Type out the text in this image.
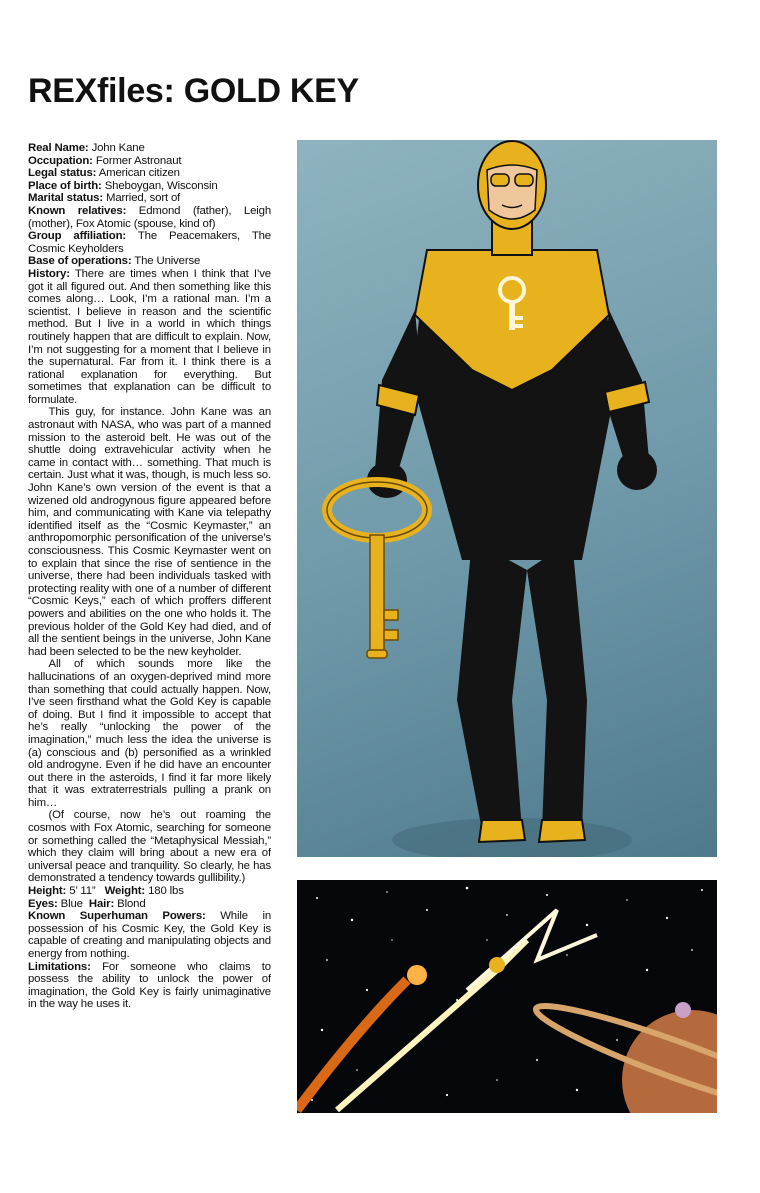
REXfiles: GOLD KEY

Real Name: John Kane

Occupation: Former Astronaut

Legal status: American citizen

Place of birth: Sheboygan, Wisconsin

Marital status: Married, sort of

Known relatives: Edmond (father), Leigh (mother), Fox Atomic (spouse, kind of)

Group affiliation: The Peacemakers, The Cosmic Keyholders

Base of operations: The Universe

History: There are times when I think that I’ve got it all figured out. And then something like this comes along… Look, I’m a rational man. I’m a scientist. I believe in reason and the scientific method. But I live in a world in which things routinely happen that are difficult to explain. Now, I’m not suggesting for a moment that I believe in the supernatural. Far from it. I think there is a rational explanation for everything. But sometimes that explanation can be difficult to formulate.

This guy, for instance. John Kane was an astronaut with NASA, who was part of a manned mission to the asteroid belt. He was out of the shuttle doing extravehicular activity when he came in contact with… something. That much is certain. Just what it was, though, is much less so. John Kane’s own version of the event is that a wizened old androgynous figure appeared before him, and communicating with Kane via telepathy identified itself as the “Cosmic Keymaster,” an anthropomorphic personification of the universe’s consciousness. This Cosmic Keymaster went on to explain that since the rise of sentience in the universe, there had been individuals tasked with protecting reality with one of a number of different “Cosmic Keys,” each of which proffers different powers and abilities on the one who holds it. The previous holder of the Gold Key had died, and of all the sentient beings in the universe, John Kane had been selected to be the new keyholder.

All of which sounds more like the hallucinations of an oxygen-deprived mind more than something that could actually happen. Now, I’ve seen firsthand what the Gold Key is capable of doing. But I find it impossible to accept that he’s really “unlocking the power of the imagination,” much less the idea the universe is (a) conscious and (b) personified as a wrinkled old androgyne. Even if he did have an encounter out there in the asteroids, I find it far more likely that it was extraterrestrials pulling a prank on him…

(Of course, now he’s out roaming the cosmos with Fox Atomic, searching for someone or something called the “Metaphysical Messiah,” which they claim will bring about a new era of universal peace and tranquility. So clearly, he has demonstrated a tendency towards gullibility.)

Height: 5’ 11” Weight: 180 lbs

Eyes: Blue Hair: Blond

Known Superhuman Powers: While in possession of his Cosmic Key, the Gold Key is capable of creating and manipulating objects and energy from nothing.

Limitations: For someone who claims to possess the ability to unlock the power of imagination, the Gold Key is fairly unimaginative in the way he uses it.
